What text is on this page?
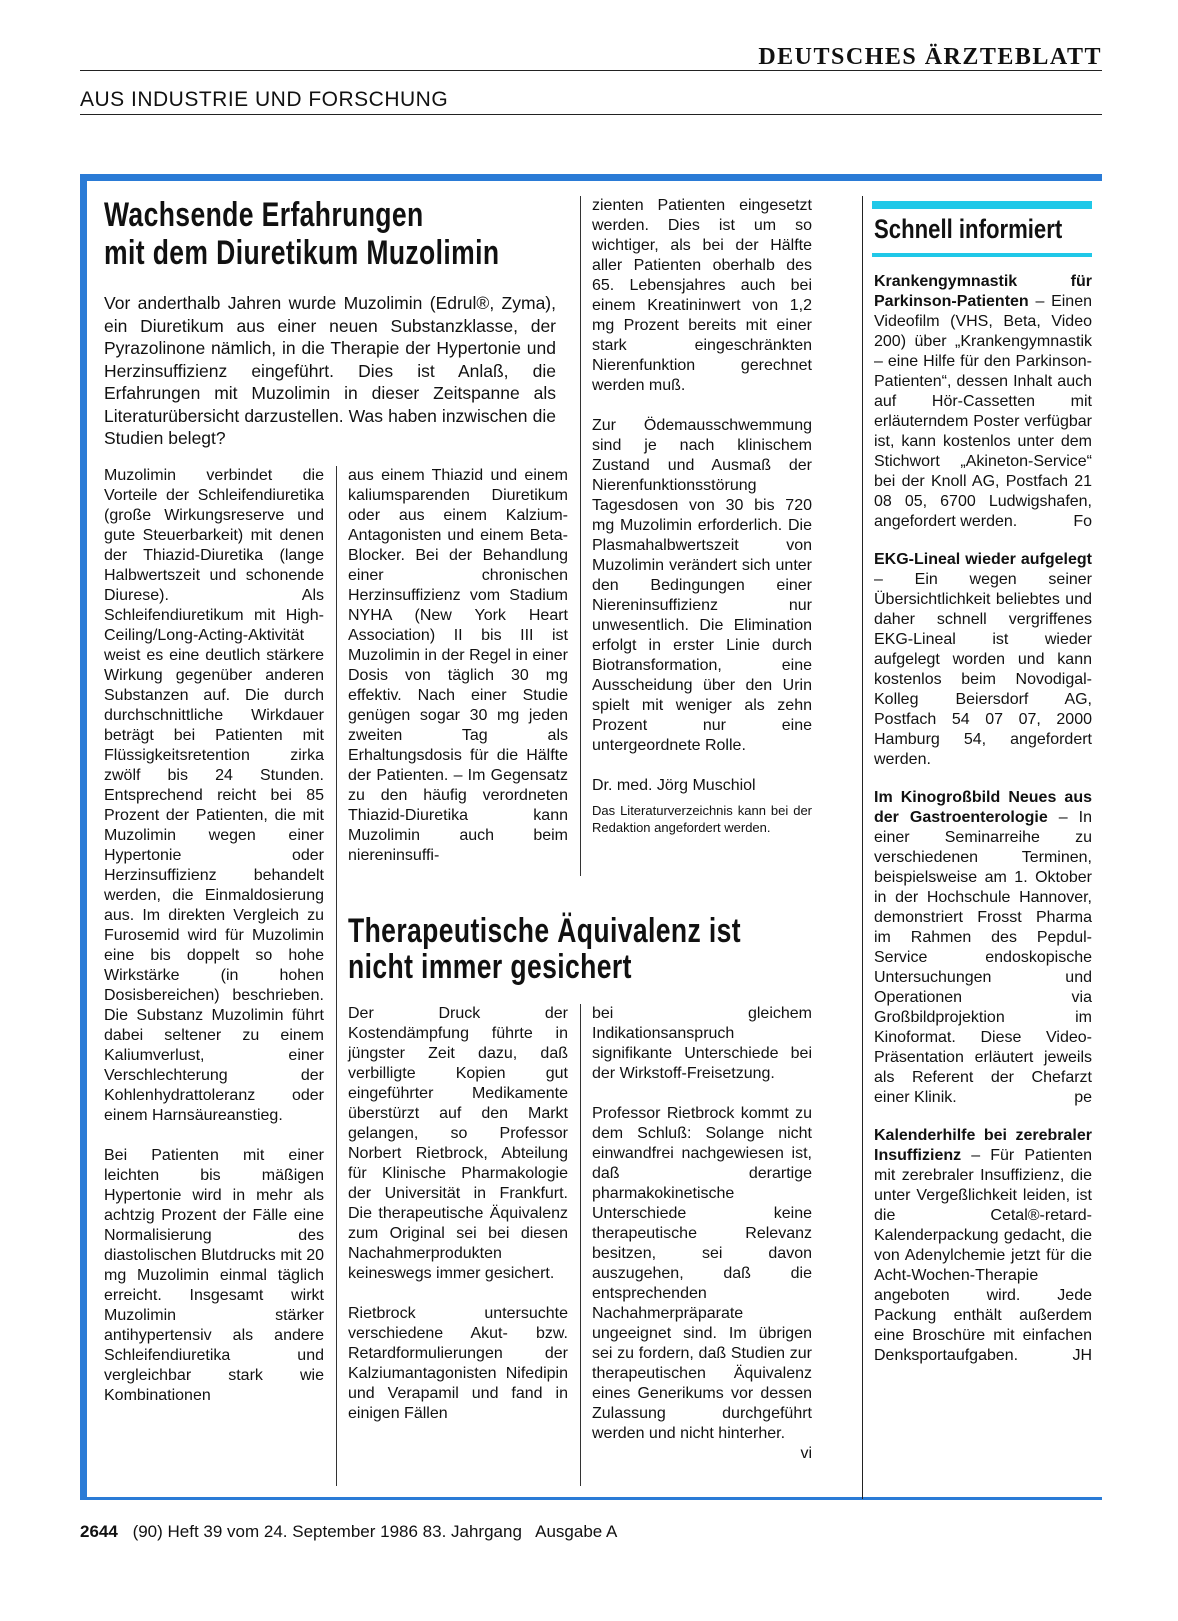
DEUTSCHES ÄRZTEBLATT
AUS INDUSTRIE UND FORSCHUNG
Wachsende Erfahrungen
mit dem Diuretikum Muzolimin
Vor anderthalb Jahren wurde Muzolimin (Edrul®, Zyma), ein Diuretikum aus einer neuen Substanzklasse, der Pyrazolinone nämlich, in die Therapie der Hypertonie und Herzinsuffizienz eingeführt. Dies ist Anlaß, die Erfahrungen mit Muzolimin in dieser Zeitspanne als Literaturübersicht darzustellen. Was haben inzwischen die Studien belegt?

Muzolimin verbindet die Vorteile der Schleifendiuretika (große Wirkungsreserve und gute Steuerbarkeit) mit denen der Thiazid-Diuretika (lange Halbwertszeit und schonende Diurese). Als Schleifendiuretikum mit High-Ceiling/Long-Acting-Aktivität weist es eine deutlich stärkere Wirkung gegenüber anderen Substanzen auf. Die durch durchschnittliche Wirkdauer beträgt bei Patienten mit Flüssigkeitsretention zirka zwölf bis 24 Stunden. Entsprechend reicht bei 85 Prozent der Patienten, die mit Muzolimin wegen einer Hypertonie oder Herzinsuffizienz behandelt werden, die Einmaldosierung aus. Im direkten Vergleich zu Furosemid wird für Muzolimin eine bis doppelt so hohe Wirkstärke (in hohen Dosisbereichen) beschrieben. Die Substanz Muzolimin führt dabei seltener zu einem Kaliumverlust, einer Verschlechterung der Kohlenhydrattoleranz oder einem Harnsäureanstieg.

Bei Patienten mit einer leichten bis mäßigen Hypertonie wird in mehr als achtzig Prozent der Fälle eine Normalisierung des diastolischen Blutdrucks mit 20 mg Muzolimin einmal täglich erreicht. Insgesamt wirkt Muzolimin stärker antihypertensiv als andere Schleifendiuretika und vergleichbar stark wie Kombinationen

aus einem Thiazid und einem kaliumsparenden Diuretikum oder aus einem Kalzium-Antagonisten und einem Beta-Blocker. Bei der Behandlung einer chronischen Herzinsuffizienz vom Stadium NYHA (New York Heart Association) II bis III ist Muzolimin in der Regel in einer Dosis von täglich 30 mg effektiv. Nach einer Studie genügen sogar 30 mg jeden zweiten Tag als Erhaltungsdosis für die Hälfte der Patienten. – Im Gegensatz zu den häufig verordneten Thiazid-Diuretika kann Muzolimin auch beim niereninsuffi-

zienten Patienten eingesetzt werden. Dies ist um so wichtiger, als bei der Hälfte aller Patienten oberhalb des 65. Lebensjahres auch bei einem Kreatininwert von 1,2 mg Prozent bereits mit einer stark eingeschränkten Nierenfunktion gerechnet werden muß.

Zur Ödemausschwemmung sind je nach klinischem Zustand und Ausmaß der Nierenfunktionsstörung Tagesdosen von 30 bis 720 mg Muzolimin erforderlich. Die Plasmahalbwertszeit von Muzolimin verändert sich unter den Bedingungen einer Niereninsuffizienz nur unwesentlich. Die Elimination erfolgt in erster Linie durch Biotransformation, eine Ausscheidung über den Urin spielt mit weniger als zehn Prozent nur eine untergeordnete Rolle.

Dr. med. Jörg Muschiol
Das Literaturverzeichnis kann bei der Redaktion angefordert werden.
Therapeutische Äquivalenz ist
nicht immer gesichert

Der Druck der Kostendämpfung führte in jüngster Zeit dazu, daß verbilligte Kopien gut eingeführter Medikamente überstürzt auf den Markt gelangen, so Professor Norbert Rietbrock, Abteilung für Klinische Pharmakologie der Universität in Frankfurt. Die therapeutische Äquivalenz zum Original sei bei diesen Nachahmerprodukten keineswegs immer gesichert.

Rietbrock untersuchte verschiedene Akut- bzw. Retardformulierungen der Kalziumantagonisten Nifedipin und Verapamil und fand in einigen Fällen

bei gleichem Indikationsanspruch signifikante Unterschiede bei der Wirkstoff-Freisetzung.

Professor Rietbrock kommt zu dem Schluß: Solange nicht einwandfrei nachgewiesen ist, daß derartige pharmakokinetische Unterschiede keine therapeutische Relevanz besitzen, sei davon auszugehen, daß die entsprechenden Nachahmerpräparate ungeeignet sind. Im übrigen sei zu fordern, daß Studien zur therapeutischen Äquivalenz eines Generikums vor dessen Zulassung durchgeführt werden und nicht hinterher.

vi
Schnell informiert

Krankengymnastik für Parkinson-Patienten – Einen Videofilm (VHS, Beta, Video 200) über „Krankengymnastik – eine Hilfe für den Parkinson-Patienten“, dessen Inhalt auch auf Hör-Cassetten mit erläuterndem Poster verfügbar ist, kann kostenlos unter dem Stichwort „Akineton-Service“ bei der Knoll AG, Postfach 21 08 05, 6700 Ludwigshafen, angefordert werden.	Fo

EKG-Lineal wieder aufgelegt – Ein wegen seiner Übersichtlichkeit beliebtes und daher schnell vergriffenes EKG-Lineal ist wieder aufgelegt worden und kann kostenlos beim Novodigal-Kolleg Beiersdorf AG, Postfach 54 07 07, 2000 Hamburg 54, angefordert werden.

Im Kinogroßbild Neues aus der Gastroenterologie – In einer Seminarreihe zu verschiedenen Terminen, beispielsweise am 1. Oktober in der Hochschule Hannover, demonstriert Frosst Pharma im Rahmen des Pepdul-Service endoskopische Untersuchungen und Operationen via Großbildprojektion im Kinoformat. Diese Video-Präsentation erläutert jeweils als Referent der Chefarzt einer Klinik.	pe

Kalenderhilfe bei zerebraler Insuffizienz – Für Patienten mit zerebraler Insuffizienz, die unter Vergeßlichkeit leiden, ist die Cetal®-retard-Kalenderpackung gedacht, die von Adenylchemie jetzt für die Acht-Wochen-Therapie angeboten wird. Jede Packung enthält außerdem eine Broschüre mit einfachen Denksportaufgaben.	JH

2644 (90) Heft 39 vom 24. September 1986 83. Jahrgang   Ausgabe A
